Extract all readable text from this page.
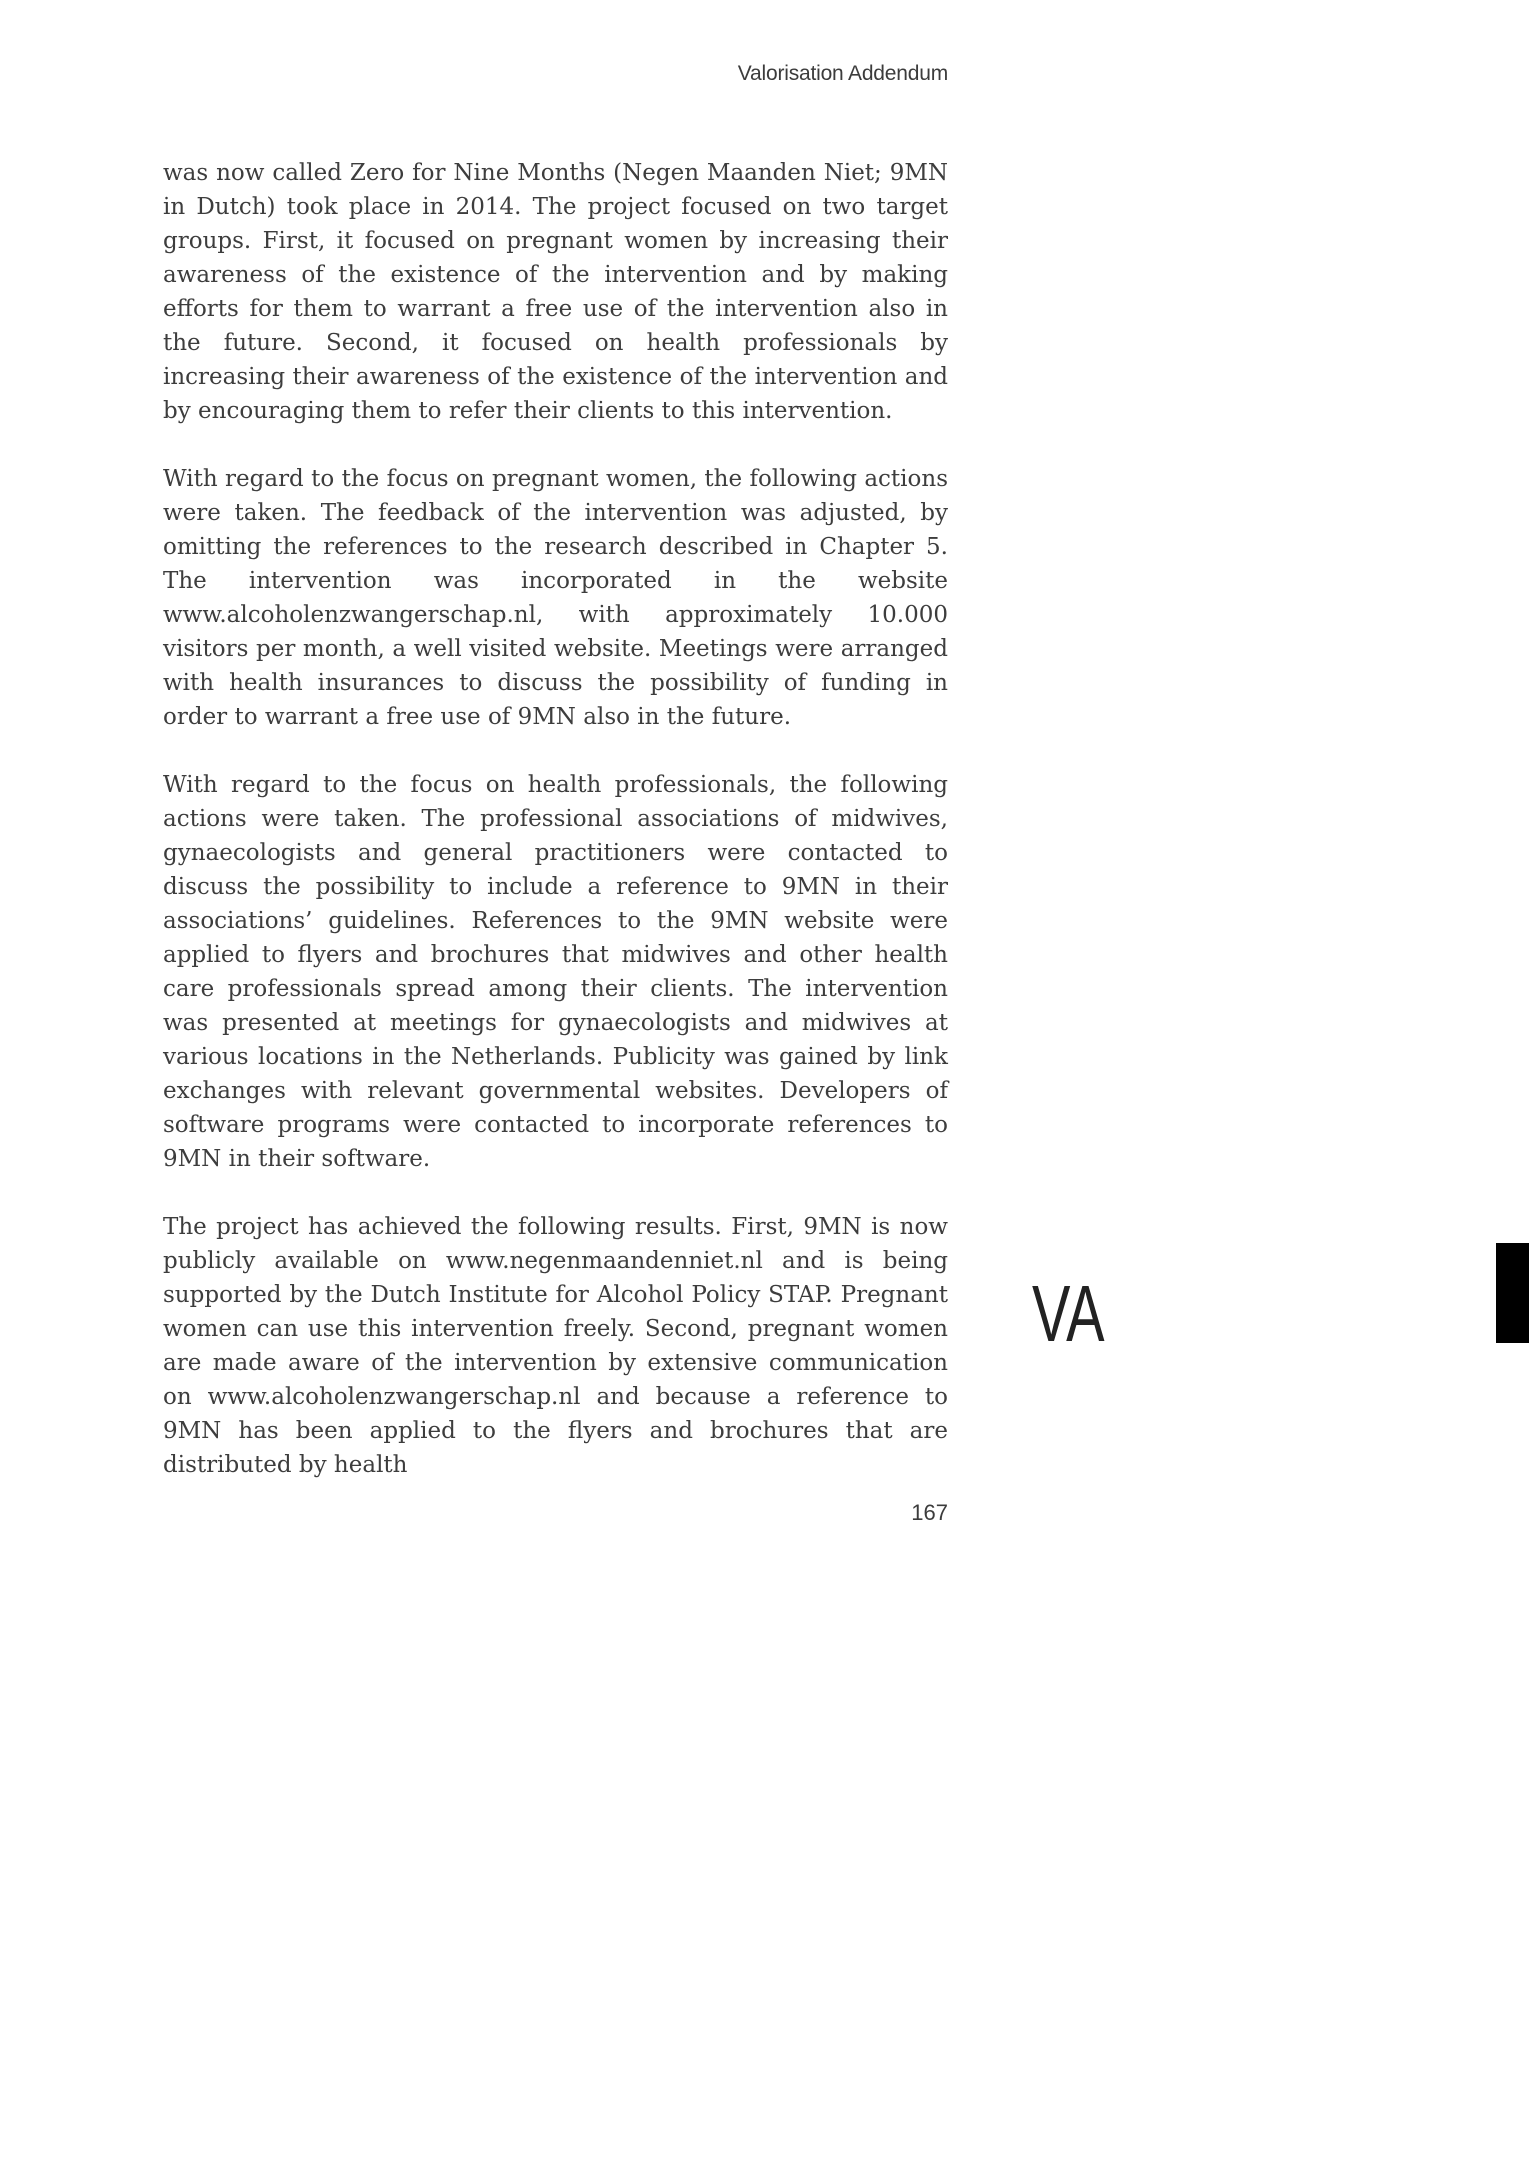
Valorisation Addendum

was now called Zero for Nine Months (Negen Maanden Niet; 9MN in Dutch) took place in 2014. The project focused on two target groups. First, it focused on pregnant women by increasing their awareness of the existence of the intervention and by making efforts for them to warrant a free use of the intervention also in the future. Second, it focused on health professionals by increasing their awareness of the existence of the intervention and by encouraging them to refer their clients to this intervention.

With regard to the focus on pregnant women, the following actions were taken. The feedback of the intervention was adjusted, by omitting the references to the research described in Chapter 5. The intervention was incorporated in the website www.alcoholenzwangerschap.nl, with approximately 10.000 visitors per month, a well visited website. Meetings were arranged with health insurances to discuss the possibility of funding in order to warrant a free use of 9MN also in the future.

With regard to the focus on health professionals, the following actions were taken. The professional associations of midwives, gynaecologists and general practitioners were contacted to discuss the possibility to include a reference to 9MN in their associations’ guidelines. References to the 9MN website were applied to flyers and brochures that midwives and other health care professionals spread among their clients. The intervention was presented at meetings for gynaecologists and midwives at various locations in the Netherlands. Publicity was gained by link exchanges with relevant governmental websites. Developers of software programs were contacted to incorporate references to 9MN in their software.

The project has achieved the following results. First, 9MN is now publicly available on www.negenmaandenniet.nl and is being supported by the Dutch Institute for Alcohol Policy STAP. Pregnant women can use this intervention freely. Second, pregnant women are made aware of the intervention by extensive communication on www.alcoholenzwangerschap.nl and because a reference to 9MN has been applied to the flyers and brochures that are distributed by health

VA
167
